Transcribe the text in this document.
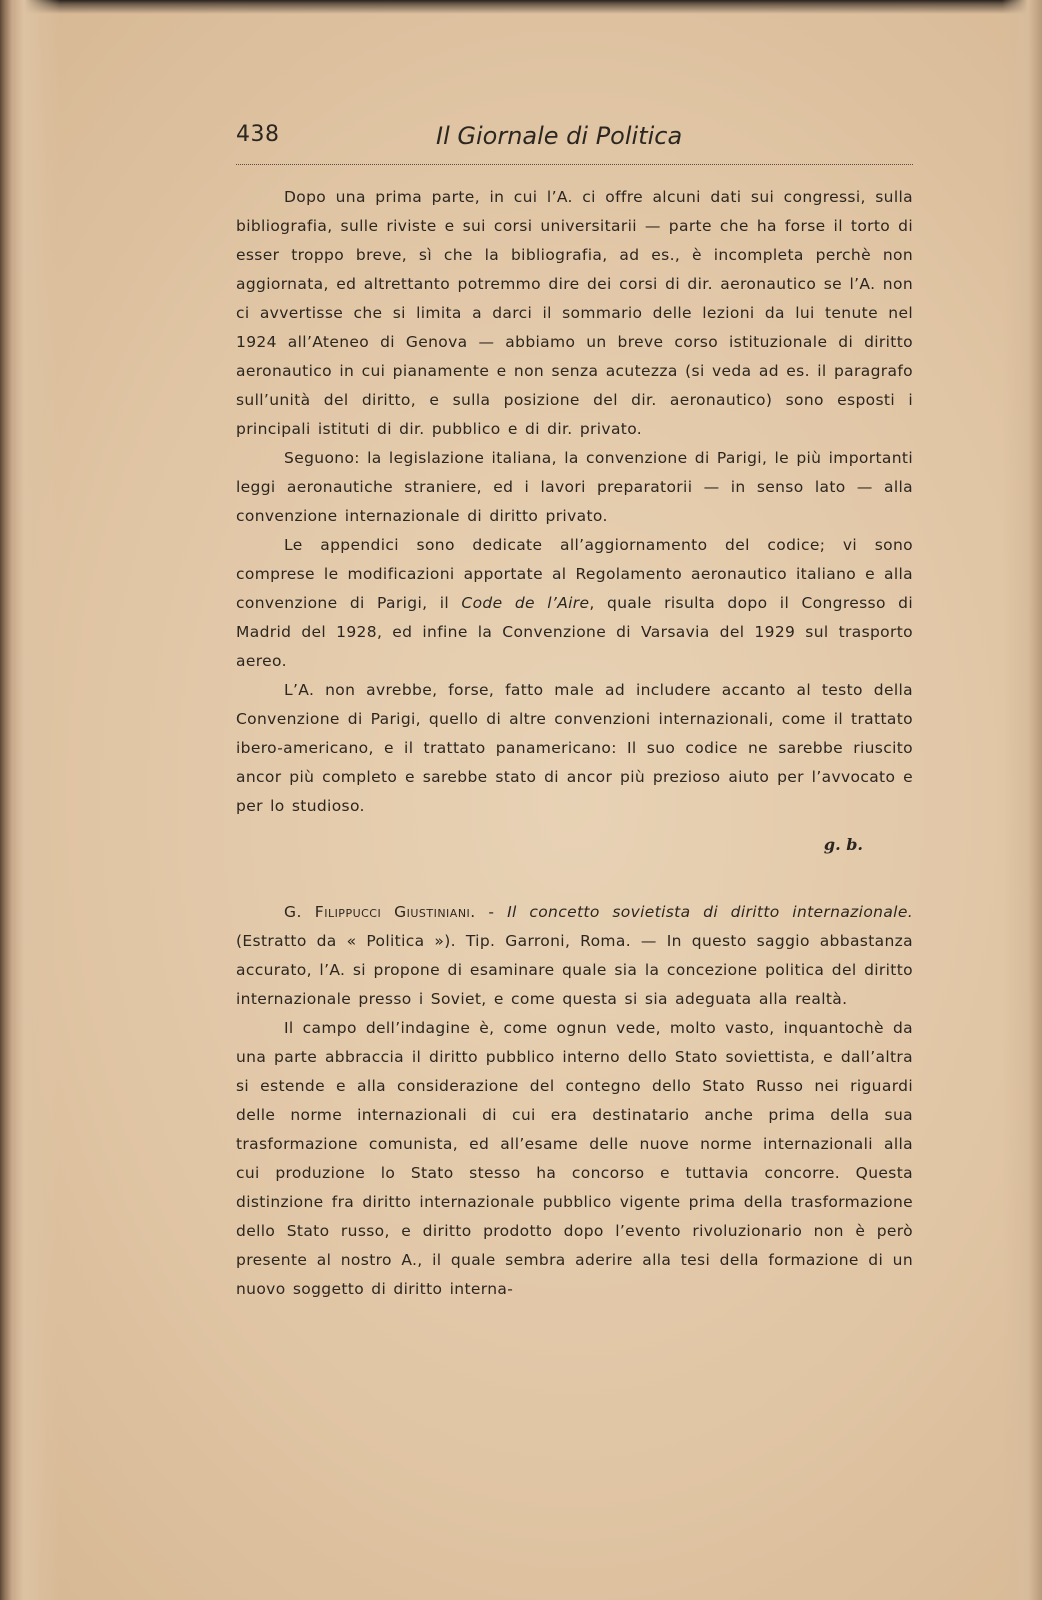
438	Il Giornale di Politica

Dopo una prima parte, in cui l’A. ci offre alcuni dati sui congressi, sulla bibliografia, sulle riviste e sui corsi universitarii — parte che ha forse il torto di esser troppo breve, sì che la bibliografia, ad es., è incompleta perchè non aggiornata, ed altrettanto potremmo dire dei corsi di dir. aeronautico se l’A. non ci avvertisse che si limita a darci il sommario delle lezioni da lui tenute nel 1924 all’Ateneo di Genova — abbiamo un breve corso istituzionale di diritto aeronautico in cui pianamente e non senza acutezza (si veda ad es. il paragrafo sull’unità del diritto, e sulla posizione del dir. aeronautico) sono esposti i principali istituti di dir. pubblico e di dir. privato.

Seguono: la legislazione italiana, la convenzione di Parigi, le più importanti leggi aeronautiche straniere, ed i lavori preparatorii — in senso lato — alla convenzione internazionale di diritto privato.

Le appendici sono dedicate all’aggiornamento del codice; vi sono comprese le modificazioni apportate al Regolamento aeronautico italiano e alla convenzione di Parigi, il Code de l’Aire, quale risulta dopo il Congresso di Madrid del 1928, ed infine la Convenzione di Varsavia del 1929 sul trasporto aereo.

L’A. non avrebbe, forse, fatto male ad includere accanto al testo della Convenzione di Parigi, quello di altre convenzioni internazionali, come il trattato ibero-americano, e il trattato panamericano: Il suo codice ne sarebbe riuscito ancor più completo e sarebbe stato di ancor più prezioso aiuto per l’avvocato e per lo studioso.

g. b.

G. Filippucci Giustiniani. - Il concetto sovietista di diritto internazionale. (Estratto da « Politica »). Tip. Garroni, Roma. — In questo saggio abbastanza accurato, l’A. si propone di esaminare quale sia la concezione politica del diritto internazionale presso i Soviet, e come questa si sia adeguata alla realtà.

Il campo dell’indagine è, come ognun vede, molto vasto, inquantochè da una parte abbraccia il diritto pubblico interno dello Stato soviettista, e dall’altra si estende e alla considerazione del contegno dello Stato Russo nei riguardi delle norme internazionali di cui era destinatario anche prima della sua trasformazione comunista, ed all’esame delle nuove norme internazionali alla cui produzione lo Stato stesso ha concorso e tuttavia concorre. Questa distinzione fra diritto internazionale pubblico vigente prima della trasformazione dello Stato russo, e diritto prodotto dopo l’evento rivoluzionario non è però presente al nostro A., il quale sembra aderire alla tesi della formazione di un nuovo soggetto di diritto interna-
